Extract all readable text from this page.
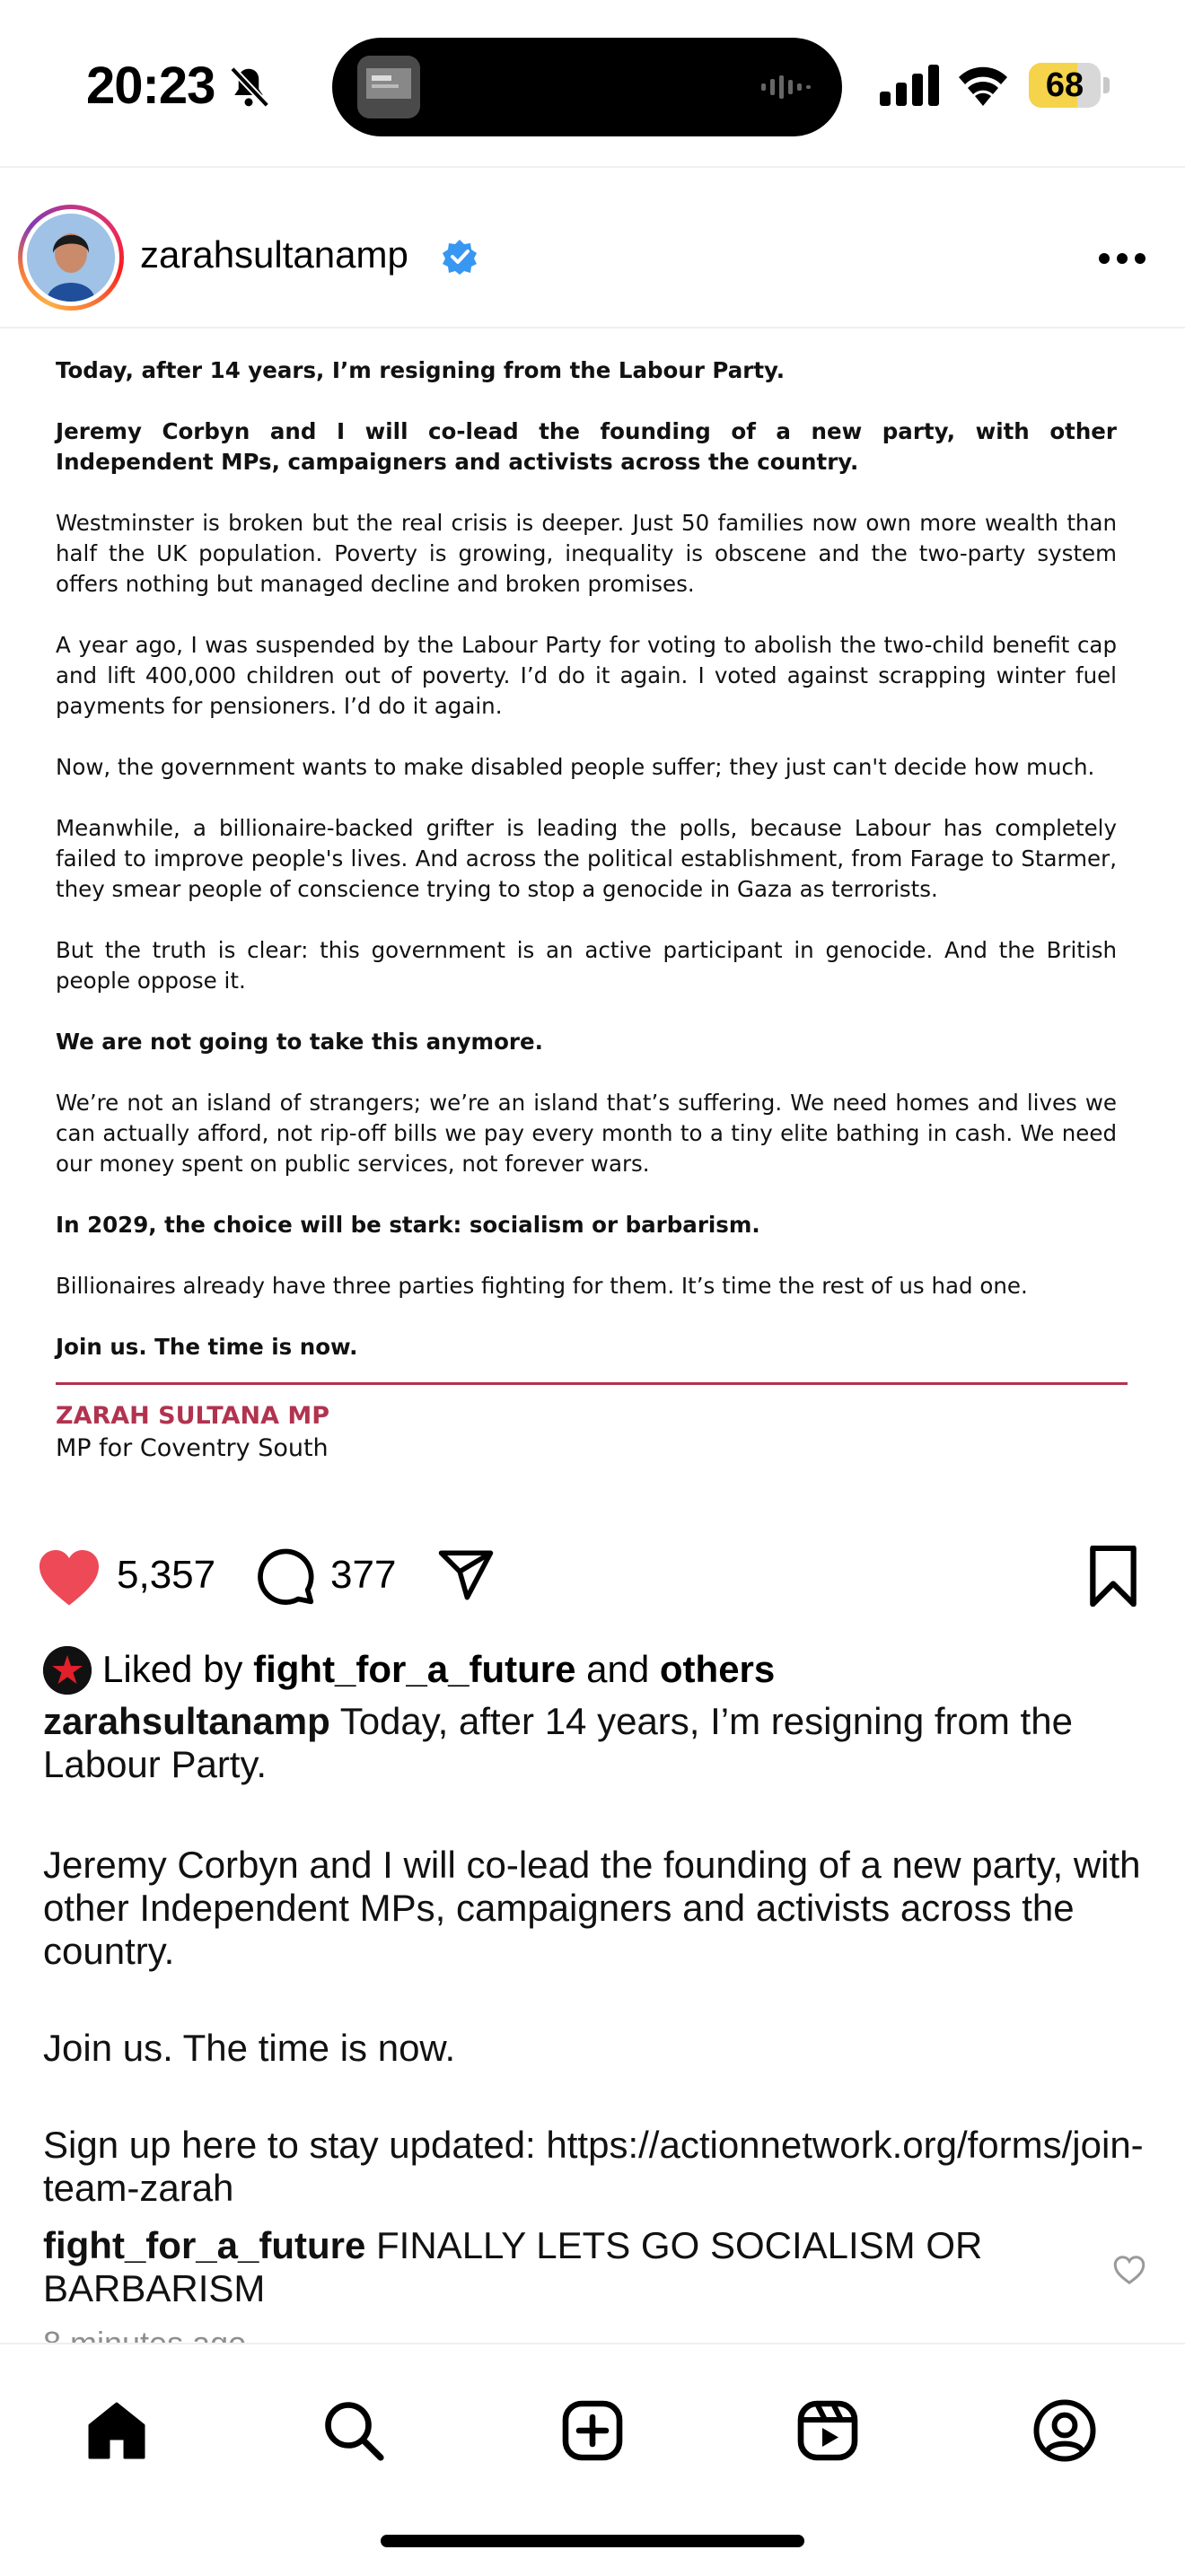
20:23	68
zarahsultanamp

Today, after 14 years, I’m resigning from the Labour Party.

Jeremy Corbyn and I will co-lead the founding of a new party, with other Independent MPs, campaigners and activists across the country.

Westminster is broken but the real crisis is deeper. Just 50 families now own more wealth than half the UK population. Poverty is growing, inequality is obscene and the two-party system offers nothing but managed decline and broken promises.

A year ago, I was suspended by the Labour Party for voting to abolish the two-child benefit cap and lift 400,000 children out of poverty. I’d do it again. I voted against scrapping winter fuel payments for pensioners. I’d do it again.

Now, the government wants to make disabled people suffer; they just can't decide how much.

Meanwhile, a billionaire-backed grifter is leading the polls, because Labour has completely failed to improve people's lives. And across the political establishment, from Farage to Starmer, they smear people of conscience trying to stop a genocide in Gaza as terrorists.

But the truth is clear: this government is an active participant in genocide. And the British people oppose it.

We are not going to take this anymore.

We’re not an island of strangers; we’re an island that’s suffering. We need homes and lives we can actually afford, not rip-off bills we pay every month to a tiny elite bathing in cash. We need our money spent on public services, not forever wars.

In 2029, the choice will be stark: socialism or barbarism.

Billionaires already have three parties fighting for them. It’s time the rest of us had one.

Join us. The time is now.

ZARAH SULTANA MP
MP for Coventry South
5,357	377
Liked by fight_for_a_future and others

zarahsultanamp Today, after 14 years, I’m resigning from the Labour Party.

Jeremy Corbyn and I will co-lead the founding of a new party, with other Independent MPs, campaigners and activists across the country.

Join us. The time is now.

Sign up here to stay updated: https://actionnetwork.org/forms/join-team-zarah

fight_for_a_future FINALLY LETS GO SOCIALISM OR BARBARISM
